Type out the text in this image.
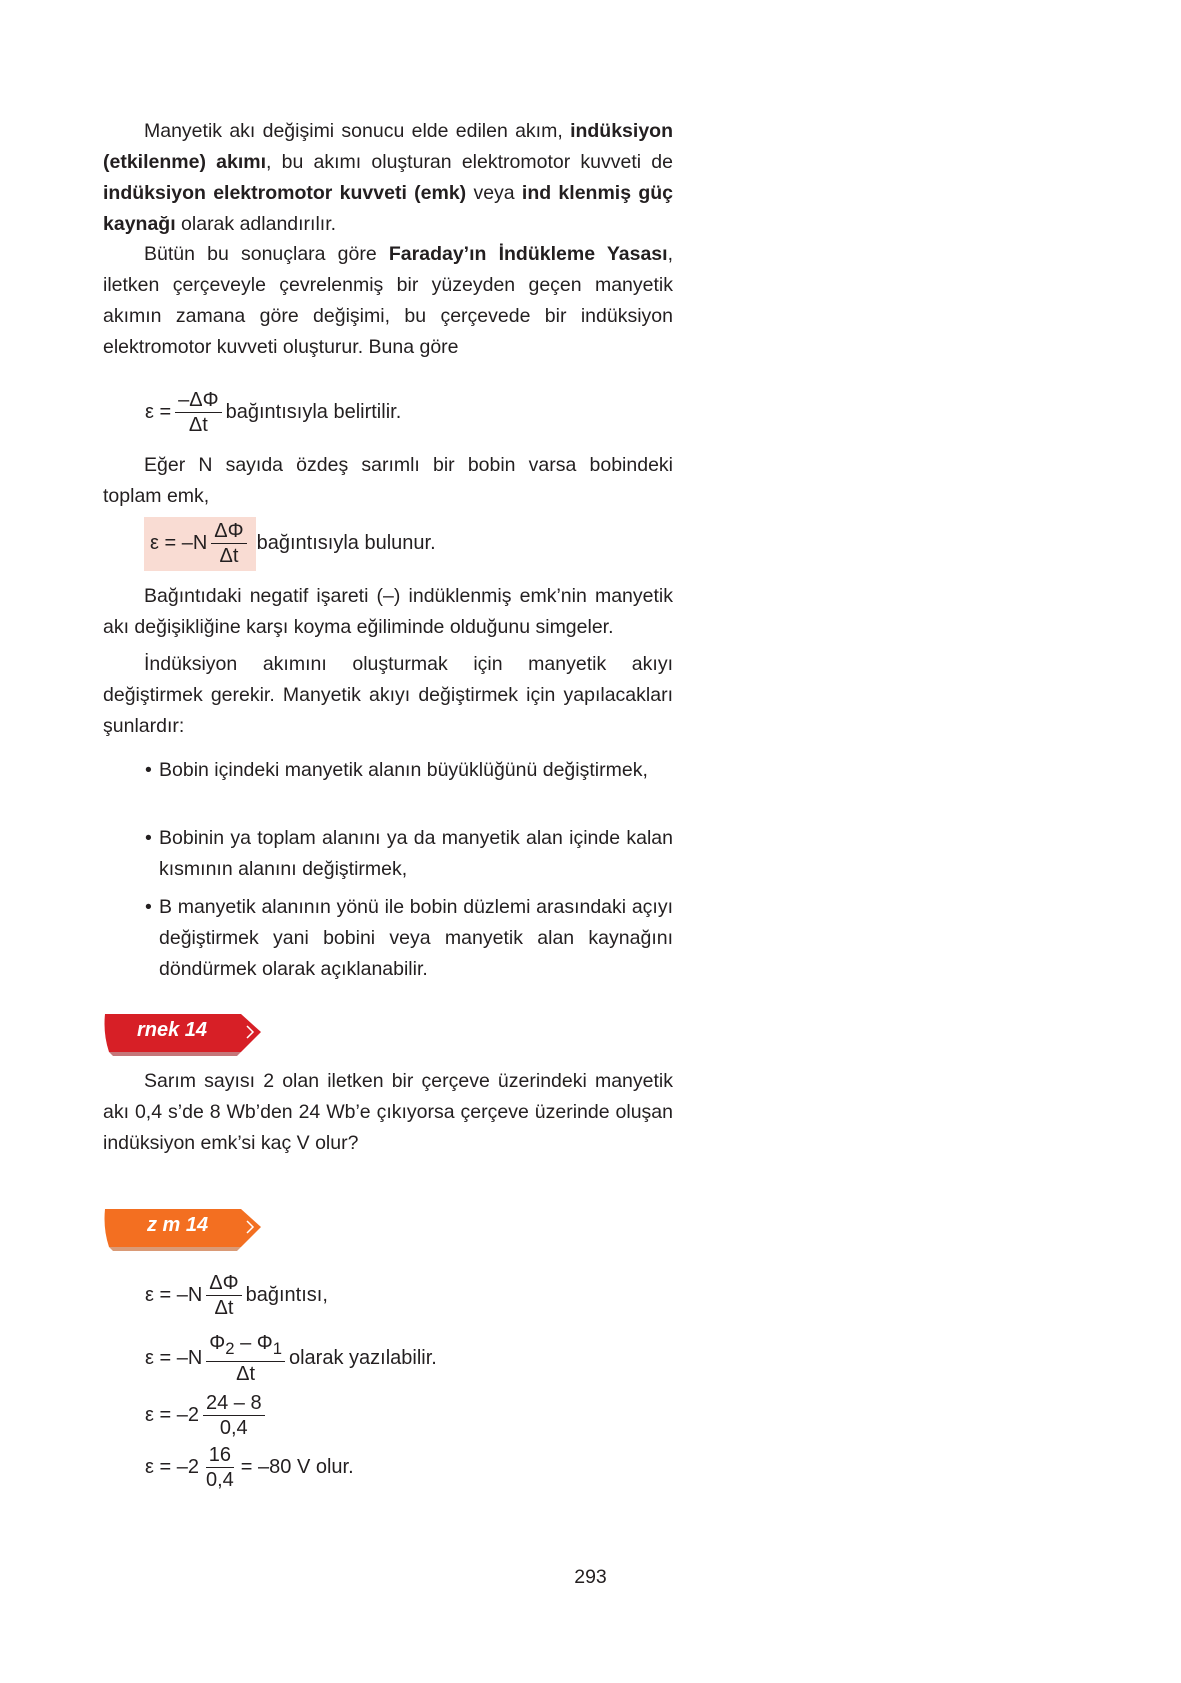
Manyetik akı değişimi sonucu elde edilen akım, indüksiyon (etkilenme) akımı, bu akımı oluşturan elektromotor kuvveti de indüksiyon elektromotor kuvveti (emk) veya ind klenmiş güç kaynağı olarak adlandırılır.
Bütün bu sonuçlara göre Faraday’ın İndükleme Yasası, iletken çerçeveyle çevrelenmiş bir yüzeyden geçen manyetik akımın zamana göre değişimi, bu çerçevede bir indüksiyon elektromotor kuvveti oluşturur. Buna göre
$\varepsilon = \frac{-\Delta\Phi}{\Delta t}$ bağıntısıyla belirtilir.
Eğer N sayıda özdeş sarımlı bir bobin varsa bobindeki toplam emk,
$\varepsilon = -N \frac{\Delta\Phi}{\Delta t}$ bağıntısıyla bulunur.
Bağıntıdaki negatif işareti (–) indüklenmiş emk’nin manyetik akı değişikliğine karşı koyma eğiliminde olduğunu simgeler.
İndüksiyon akımını oluşturmak için manyetik akıyı değiştirmek gerekir. Manyetik akıyı değiştirmek için yapılacakları şunlardır:
• Bobin içindeki manyetik alanın büyüklüğünü değiştirmek,
• Bobinin ya toplam alanını ya da manyetik alan içinde kalan kısmının alanını değiştirmek,
• B manyetik alanının yönü ile bobin düzlemi arasındaki açıyı değiştirmek yani bobini veya manyetik alan kaynağını döndürmek olarak açıklanabilir.
rnek 14
Sarım sayısı 2 olan iletken bir çerçeve üzerindeki manyetik akı 0,4 s’de 8 Wb’den 24 Wb’e çıkıyorsa çerçeve üzerinde oluşan indüksiyon emk’si kaç V olur?
z m 14
$\varepsilon = -N \frac{\Delta\Phi}{\Delta t}$ bağıntısı,
$\varepsilon = -N \frac{\Phi_2 - \Phi_1}{\Delta t}$ olarak yazılabilir.
$\varepsilon = -2 \frac{24 - 8}{0,4}$
$\varepsilon = -2 \frac{16}{0,4} = -80$ V olur.
293
